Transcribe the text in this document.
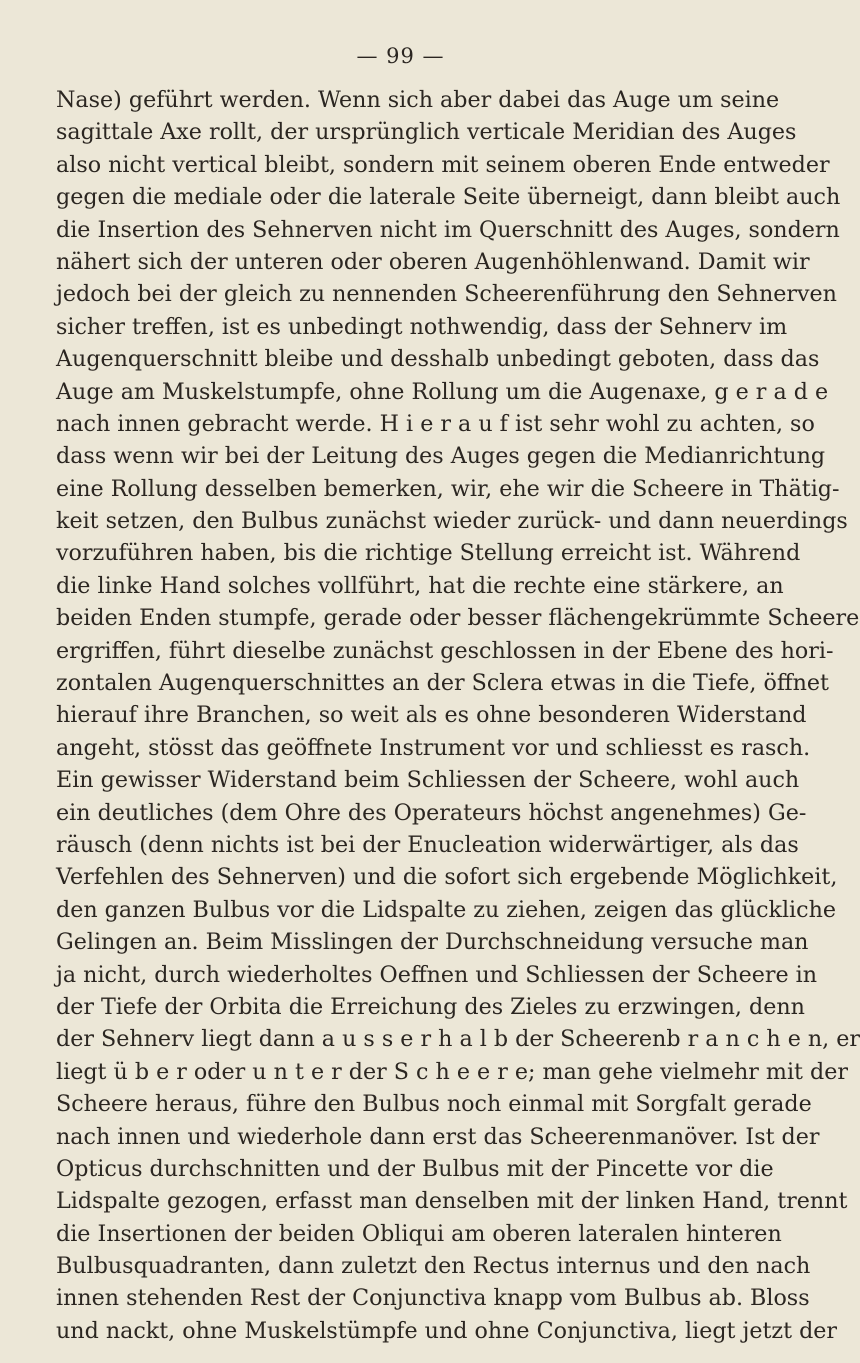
— 99 —
Nase) geführt werden. Wenn sich aber dabei das Auge um seine
sagittale Axe rollt, der ursprünglich verticale Meridian des Auges
also nicht vertical bleibt, sondern mit seinem oberen Ende entweder
gegen die mediale oder die laterale Seite überneigt, dann bleibt auch
die Insertion des Sehnerven nicht im Querschnitt des Auges, sondern
nähert sich der unteren oder oberen Augenhöhlenwand. Damit wir
jedoch bei der gleich zu nennenden Scheerenführung den Sehnerven
sicher treffen, ist es unbedingt nothwendig, dass der Sehnerv im
Augenquerschnitt bleibe und desshalb unbedingt geboten, dass das
Auge am Muskelstumpfe, ohne Rollung um die Augenaxe, g e r a d e
nach innen gebracht werde. H i e r a u f ist sehr wohl zu achten, so
dass wenn wir bei der Leitung des Auges gegen die Medianrichtung
eine Rollung desselben bemerken, wir, ehe wir die Scheere in Thätig-
keit setzen, den Bulbus zunächst wieder zurück- und dann neuerdings
vorzuführen haben, bis die richtige Stellung erreicht ist. Während
die linke Hand solches vollführt, hat die rechte eine stärkere, an
beiden Enden stumpfe, gerade oder besser flächengekrümmte Scheere
ergriffen, führt dieselbe zunächst geschlossen in der Ebene des hori-
zontalen Augenquerschnittes an der Sclera etwas in die Tiefe, öffnet
hierauf ihre Branchen, so weit als es ohne besonderen Widerstand
angeht, stösst das geöffnete Instrument vor und schliesst es rasch.
Ein gewisser Widerstand beim Schliessen der Scheere, wohl auch
ein deutliches (dem Ohre des Operateurs höchst angenehmes) Ge-
räusch (denn nichts ist bei der Enucleation widerwärtiger, als das
Verfehlen des Sehnerven) und die sofort sich ergebende Möglichkeit,
den ganzen Bulbus vor die Lidspalte zu ziehen, zeigen das glückliche
Gelingen an. Beim Misslingen der Durchschneidung versuche man
ja nicht, durch wiederholtes Oeffnen und Schliessen der Scheere in
der Tiefe der Orbita die Erreichung des Zieles zu erzwingen, denn
der Sehnerv liegt dann a u s s e r h a l b der Scheerenb r a n c h e n, er
liegt ü b e r oder u n t e r der S c h e e r e; man gehe vielmehr mit der
Scheere heraus, führe den Bulbus noch einmal mit Sorgfalt gerade
nach innen und wiederhole dann erst das Scheerenmanöver. Ist der
Opticus durchschnitten und der Bulbus mit der Pincette vor die
Lidspalte gezogen, erfasst man denselben mit der linken Hand, trennt
die Insertionen der beiden Obliqui am oberen lateralen hinteren
Bulbusquadranten, dann zuletzt den Rectus internus und den nach
innen stehenden Rest der Conjunctiva knapp vom Bulbus ab. Bloss
und nackt, ohne Muskelstümpfe und ohne Conjunctiva, liegt jetzt der
